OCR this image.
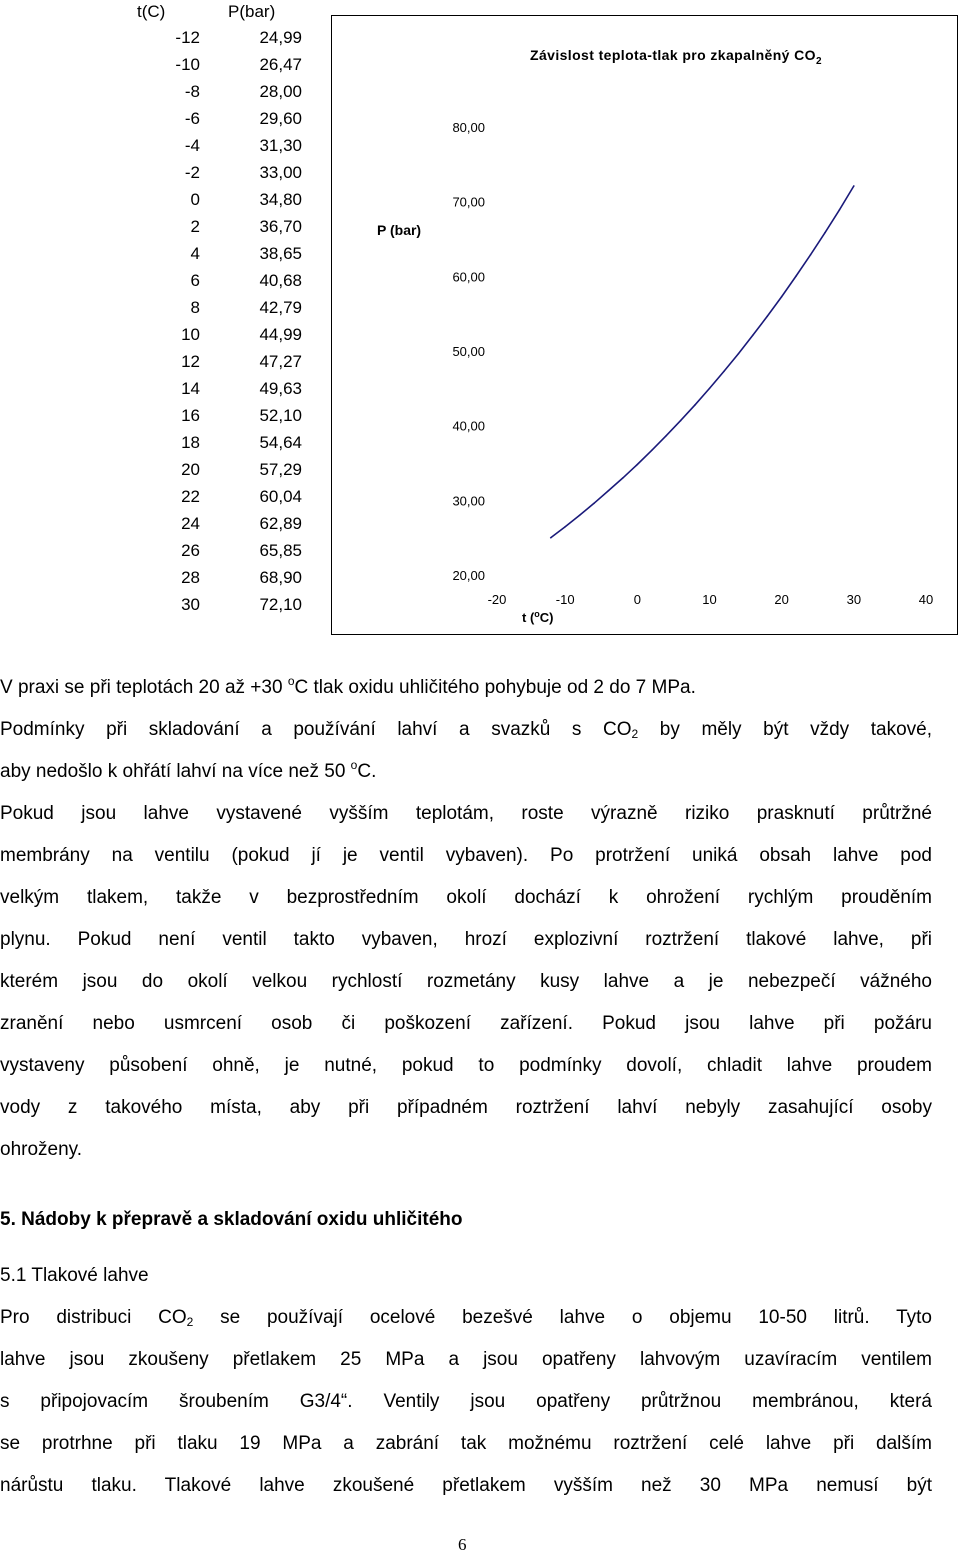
t(C)	P(bar)
-12	24,99
-10	26,47
-8	28,00
-6	29,60
-4	31,30
-2	33,00
0	34,80
2	36,70
4	38,65
6	40,68
8	42,79
10	44,99
12	47,27
14	49,63
16	52,10
18	54,64
20	57,29
22	60,04
24	62,89
26	65,85
28	68,90
30	72,10
Závislost teplota-tlak pro zkapalněný $CO_2$
P (bar)
80,00
70,00
60,00
50,00
40,00
30,00
20,00
-20	-10	0	10	20	30	40
t ($^o$C)
V praxi se při teplotách 20 až +30 $^o$C tlak oxidu uhličitého pohybuje od 2 do 7 MPa.
Podmínky při skladování a používání lahví a svazků s $CO_2$ by měly být vždy takové,
aby nedošlo k ohřátí lahví na více než 50 $^o$C.
Pokud jsou lahve vystavené vyšším teplotám, roste výrazně riziko prasknutí průtržné
membrány na ventilu (pokud jí je ventil vybaven). Po protržení uniká obsah lahve pod
velkým tlakem, takže v bezprostředním okolí dochází k ohrožení rychlým prouděním
plynu. Pokud není ventil takto vybaven, hrozí explozivní roztržení tlakové lahve, při
kterém jsou do okolí velkou rychlostí rozmetány kusy lahve a je nebezpečí vážného
zranění nebo usmrcení osob či poškození zařízení. Pokud jsou lahve při požáru
vystaveny působení ohně, je nutné, pokud to podmínky dovolí, chladit lahve proudem
vody z takového místa, aby při případném roztržení lahví nebyly zasahující osoby
ohroženy.
5. Nádoby k přepravě a skladování oxidu uhličitého
5.1 Tlakové lahve
Pro distribuci $CO_2$ se používají ocelové bezešvé lahve o objemu 10-50 litrů. Tyto
lahve jsou zkoušeny přetlakem 25 MPa a jsou opatřeny lahvovým uzavíracím ventilem
s připojovacím šroubením G3/4“. Ventily jsou opatřeny průtržnou membránou, která
se protrhne při tlaku 19 MPa a zabrání tak možnému roztržení celé lahve při dalším
nárůstu tlaku. Tlakové lahve zkoušené přetlakem vyšším než 30 MPa nemusí být
6
